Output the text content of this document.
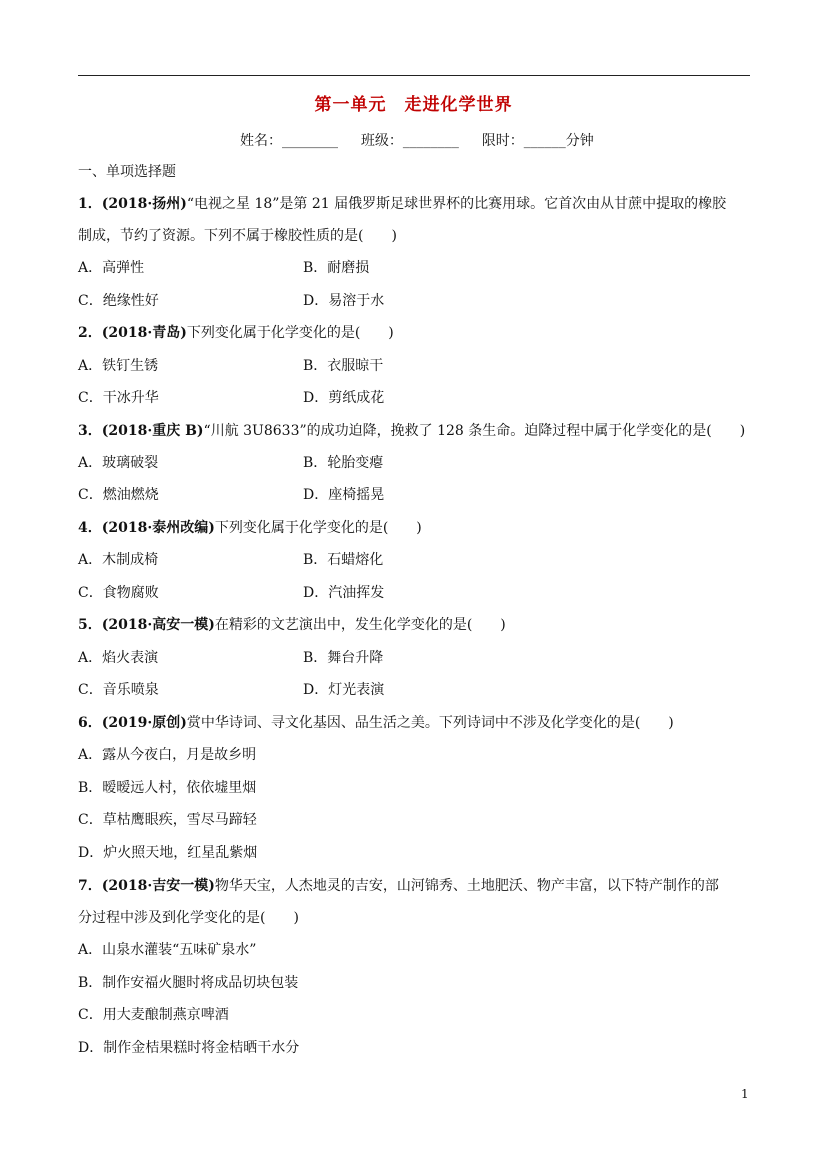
第一单元　走进化学世界
姓名：________ 班级：________ 限时：______分钟
一、单项选择题
1．(2018·扬州)“电视之星 18”是第 21 届俄罗斯足球世界杯的比赛用球。它首次由从甘蔗中提取的橡胶
制成，节约了资源。下列不属于橡胶性质的是(　　)
A．高弹性	B．耐磨损
C．绝缘性好	D．易溶于水
2．(2018·青岛)下列变化属于化学变化的是(　　)
A．铁钉生锈	B．衣服晾干
C．干冰升华	D．剪纸成花
3．(2018·重庆 B)“川航 3U8633”的成功迫降，挽救了 128 条生命。迫降过程中属于化学变化的是(　　)
A．玻璃破裂	B．轮胎变瘪
C．燃油燃烧	D．座椅摇晃
4．(2018·泰州改编)下列变化属于化学变化的是(　　)
A．木制成椅	B．石蜡熔化
C．食物腐败	D．汽油挥发
5．(2018·高安一模)在精彩的文艺演出中，发生化学变化的是(　　)
A．焰火表演	B．舞台升降
C．音乐喷泉	D．灯光表演
6．(2019·原创)赏中华诗词、寻文化基因、品生活之美。下列诗词中不涉及化学变化的是(　　)
A．露从今夜白，月是故乡明
B．暧暧远人村，依依墟里烟
C．草枯鹰眼疾，雪尽马蹄轻
D．炉火照天地，红星乱紫烟
7．(2018·吉安一模)物华天宝，人杰地灵的吉安，山河锦秀、土地肥沃、物产丰富，以下特产制作的部
分过程中涉及到化学变化的是(　　)
A．山泉水灌装“五味矿泉水”
B．制作安福火腿时将成品切块包装
C．用大麦酿制燕京啤酒
D．制作金桔果糕时将金桔晒干水分
1
